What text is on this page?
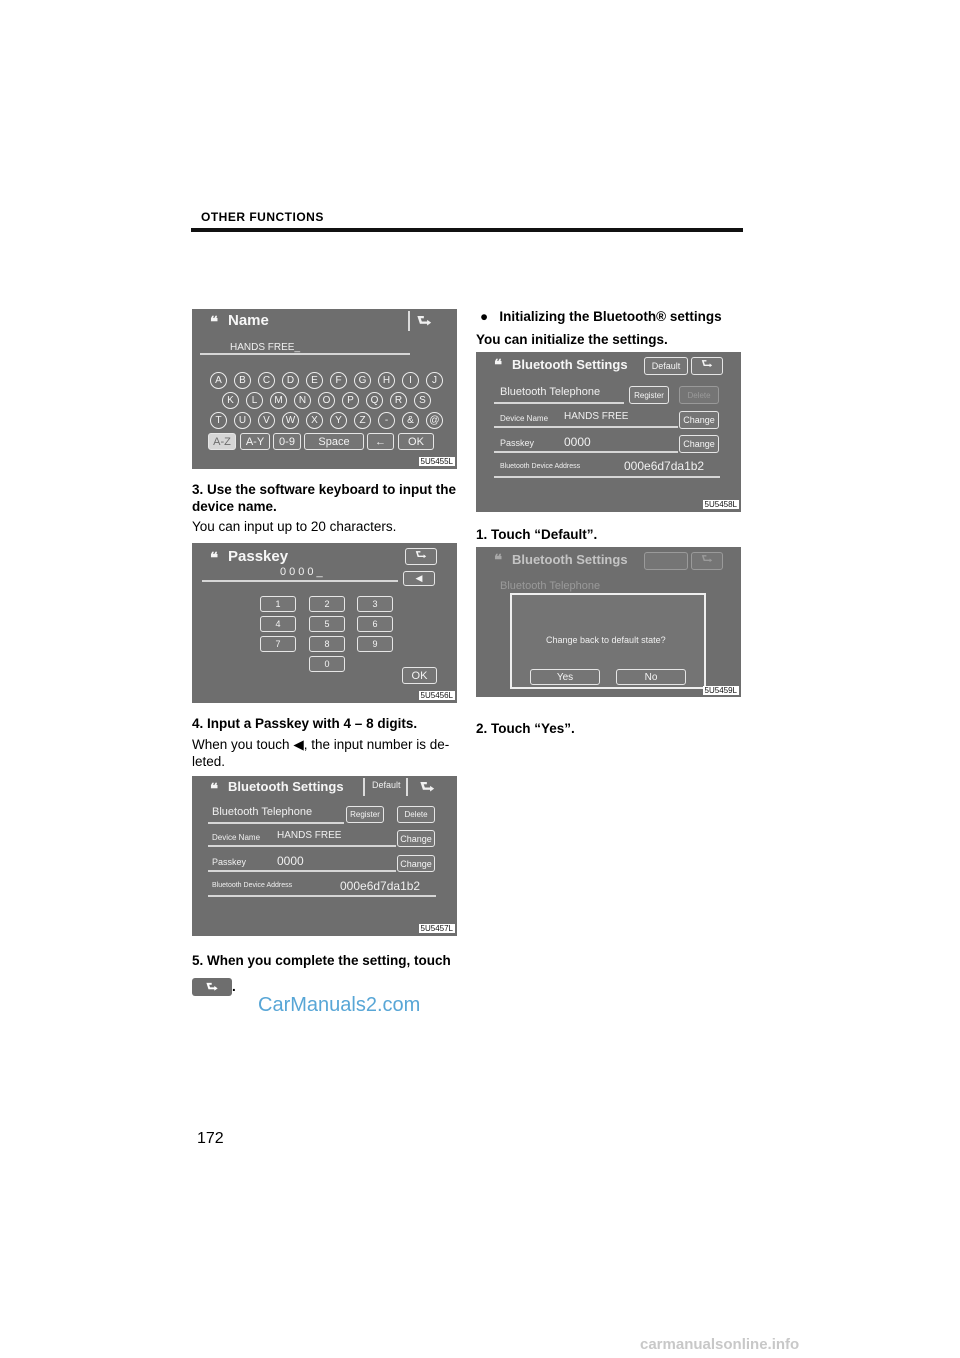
OTHER FUNCTIONS
❝ Name	⮑
HANDS FREE_
A	B	C	D	E	F	G	H	I	J
K	L	M	N	O	P	Q	R	S
T	U	V	W	X	Y	Z	-	&	@
A-Z	A-Y	0-9	Space	←	OK
5U5455L
3. Use the software keyboard to input the device name.
You can input up to 20 characters.
❝ Passkey	⮑
0000_	◀
1	2	3
4	5	6
7	8	9
0
OK
5U5456L
4. Input a Passkey with 4 – 8 digits.
When you touch ◀, the input number is de-leted.
❝ Bluetooth Settings	Default ⮑
Bluetooth Telephone	Register	Delete
Device Name HANDS FREE	Change
Passkey	0000	Change
Bluetooth Device Address	000e6d7da1b2
5U5457L
5. When you complete the setting, touch ⮑ .
CarManuals2.com
172
● Initializing the Bluetooth® settings
You can initialize the settings.
❝ Bluetooth Settings	Default	⮑
Bluetooth Telephone	Register	Delete
Device Name HANDS FREE	Change
Passkey 0000	Change
Bluetooth Device Address	000e6d7da1b2
5U5458L
1. Touch “Default”.
❝ Bluetooth Settings	⮑
Bluetooth Telephone
Change back to default state?
Yes	No
5U5459L
2. Touch “Yes”.
carmanualsonline.info
